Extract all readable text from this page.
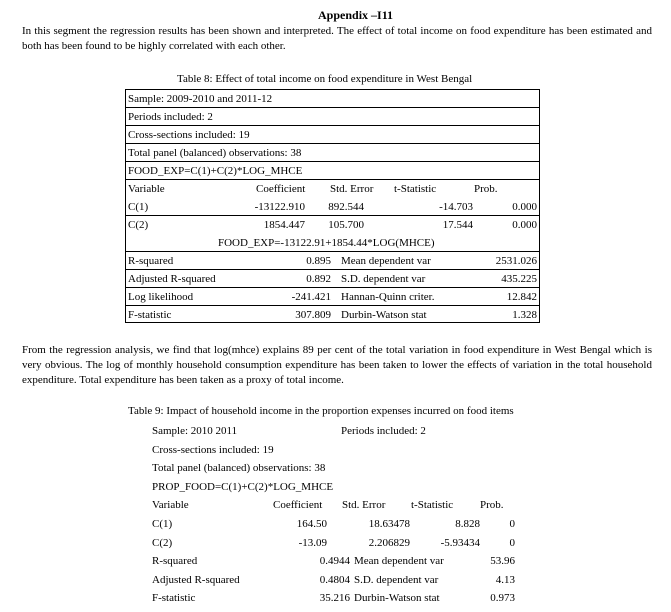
Appendix –I11
In this segment the regression results has been shown and interpreted. The effect of total income on food expenditure has been estimated and both has been found to be highly correlated with each other.
Table 8: Effect of total income on food expenditure in West Bengal
Sample: 2009-2010 and 2011-12
Periods included: 2
Cross-sections included: 19
Total panel (balanced) observations: 38
FOOD_EXP=C(1)+C(2)*LOG_MHCE
Variable	Coefficient Std. Error t-Statistic	Prob.
C(1)	-13122.910 892.544	-14.703	0.000
C(2)	1854.447 105.700	17.544	0.000
FOOD_EXP=-13122.91+1854.44*LOG(MHCE)
R-squared	0.895 Mean dependent var	2531.026
Adjusted R-squared	0.892 S.D. dependent var	435.225
Log likelihood	-241.421 Hannan-Quinn criter.	12.842
F-statistic	307.809 Durbin-Watson stat	1.328
From the regression analysis, we find that log(mhce) explains 89 per cent of the total variation in food expenditure in West Bengal which is very obvious. The log of monthly household consumption expenditure has been taken to lower the effects of variation in the total household expenditure. Total expenditure has been taken as a proxy of total income.
Table 9: Impact of household income in the proportion expenses incurred on food items
Sample: 2010 2011	Periods included: 2
Cross-sections included: 19
Total panel (balanced) observations: 38
PROP_FOOD=C(1)+C(2)*LOG_MHCE
Variable	Coefficient Std. Error t-Statistic Prob.
C(1)	164.50	18.63478	8.828	0
C(2)	-13.09	2.206829	-5.93434	0
R-squared	0.4944 Mean dependent var	53.96
Adjusted R-squared	0.4804 S.D. dependent var	4.13
F-statistic	35.216 Durbin-Watson stat	0.973
